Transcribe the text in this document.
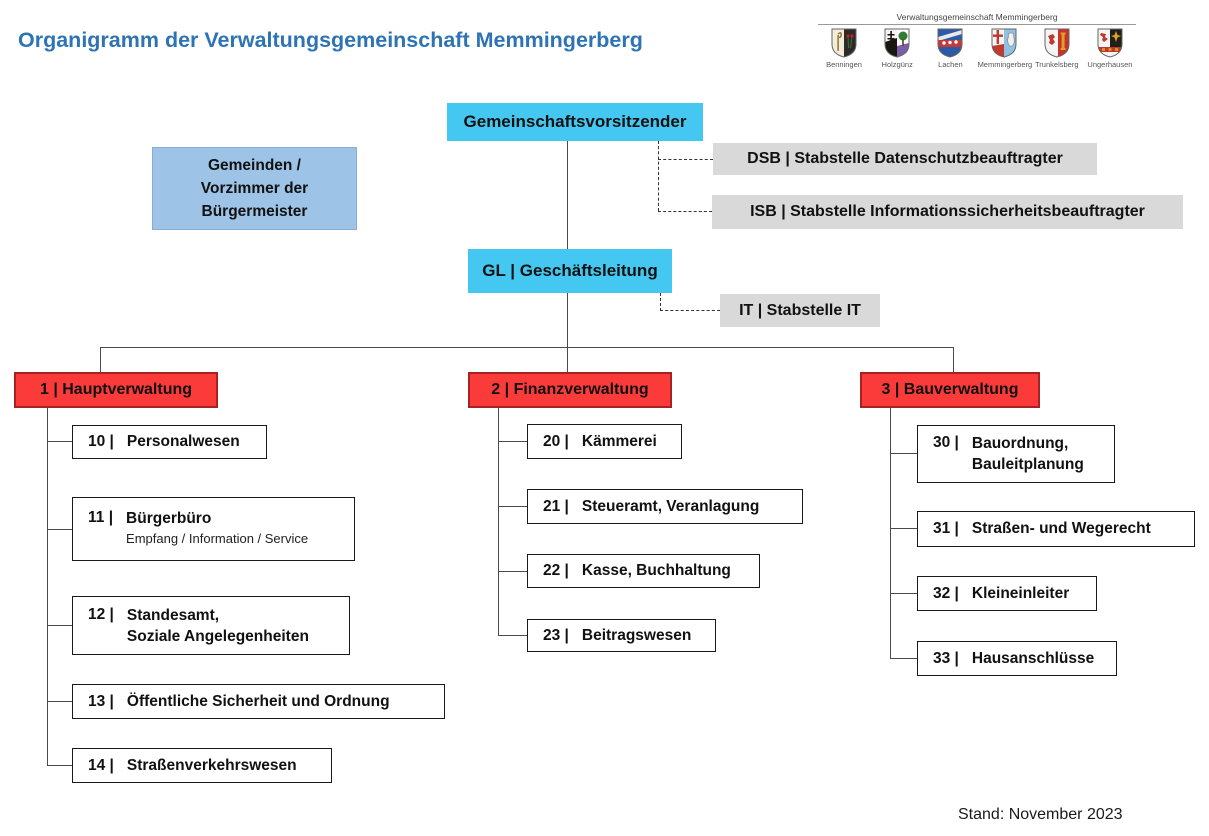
Organigramm der Verwaltungsgemeinschaft Memmingerberg
Verwaltungsgemeinschaft Memmingerberg
Benningen	Holzgünz	Lachen	Memmingerberg Trunkelsberg	Ungerhausen
Gemeinschaftsvorsitzender
Gemeinden /
Vorzimmer der
Bürgermeister
DSB | Stabstelle Datenschutzbeauftragter
ISB | Stabstelle Informationssicherheitsbeauftragter
GL | Geschäftsleitung
IT | Stabstelle IT
1 | Hauptverwaltung	2 | Finanzverwaltung	3 | Bauverwaltung
10 | Personalwesen
11 | Bürgerbüro
Empfang / Information / Service
12 | Standesamt,
Soziale Angelegenheiten
13 | Öffentliche Sicherheit und Ordnung
14 | Straßenverkehrswesen
20 | Kämmerei
21 | Steueramt, Veranlagung
22 | Kasse, Buchhaltung
23 | Beitragswesen
30 | Bauordnung,
Bauleitplanung
31 | Straßen- und Wegerecht
32 | Kleineinleiter
33 | Hausanschlüsse
Stand: November 2023
